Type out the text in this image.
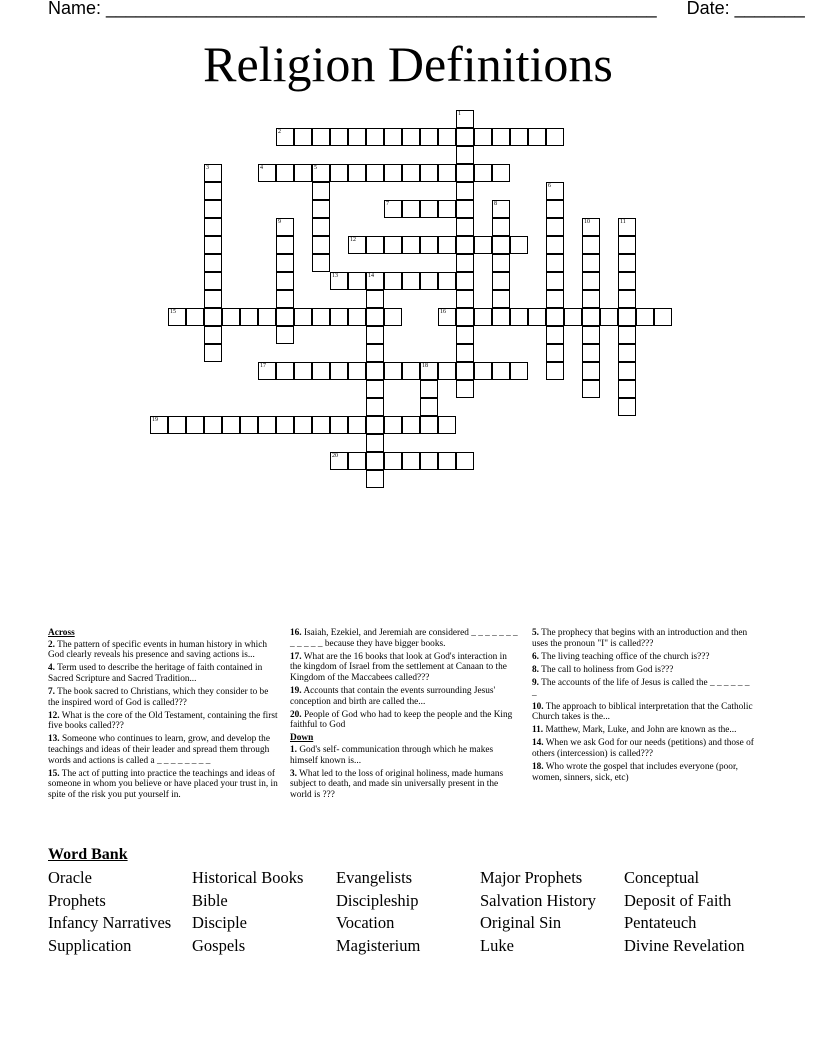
Name: _______________________________________________________ Date: _______
Religion Definitions
1
2
3	4	5
6
7	8
9	10	11
12
13	14
15	16
17	18
19
20
Across
2. The pattern of specific events in human history in which God clearly reveals his presence and saving actions is...
4. Term used to describe the heritage of faith contained in Sacred Scripture and Sacred Tradition...
7. The book sacred to Christians, which they consider to be the inspired word of God is called???
12. What is the core of the Old Testament, containing the first five books called???
13. Someone who continues to learn, grow, and develop the teachings and ideas of their leader and spread them through words and actions is called a _ _ _ _ _ _ _ _
15. The act of putting into practice the teachings and ideas of someone in whom you believe or have placed your trust in, in spite of the risk you put yourself in.
16. Isaiah, Ezekiel, and Jeremiah are considered _ _ _ _ _ _ _ _ _ _ _ _ because they have bigger books.
17. What are the 16 books that look at God's interaction in the kingdom of Israel from the settlement at Canaan to the Kingdom of the Maccabees called???
19. Accounts that contain the events surrounding Jesus' conception and birth are called the...
20. People of God who had to keep the people and the King faithful to God
Down
1. God's self- communication through which he makes himself known is...
3. What led to the loss of original holiness, made humans subject to death, and made sin universally present in the world is ???
5. The prophecy that begins with an introduction and then uses the pronoun "I" is called???
6. The living teaching office of the church is???
8. The call to holiness from God is???
9. The accounts of the life of Jesus is called the _ _ _ _ _ _ _
10. The approach to biblical interpretation that the Catholic Church takes is the...
11. Matthew, Mark, Luke, and John are known as the...
14. When we ask God for our needs (petitions) and those of others (intercession) is called???
18. Who wrote the gospel that includes everyone (poor, women, sinners, sick, etc)
Word Bank
Oracle	Historical Books	Evangelists	Major Prophets	Conceptual
Prophets	Bible	Discipleship	Salvation History	Deposit of Faith
Infancy Narratives	Disciple	Vocation	Original Sin	Pentateuch
Supplication	Gospels	Magisterium	Luke	Divine Revelation
